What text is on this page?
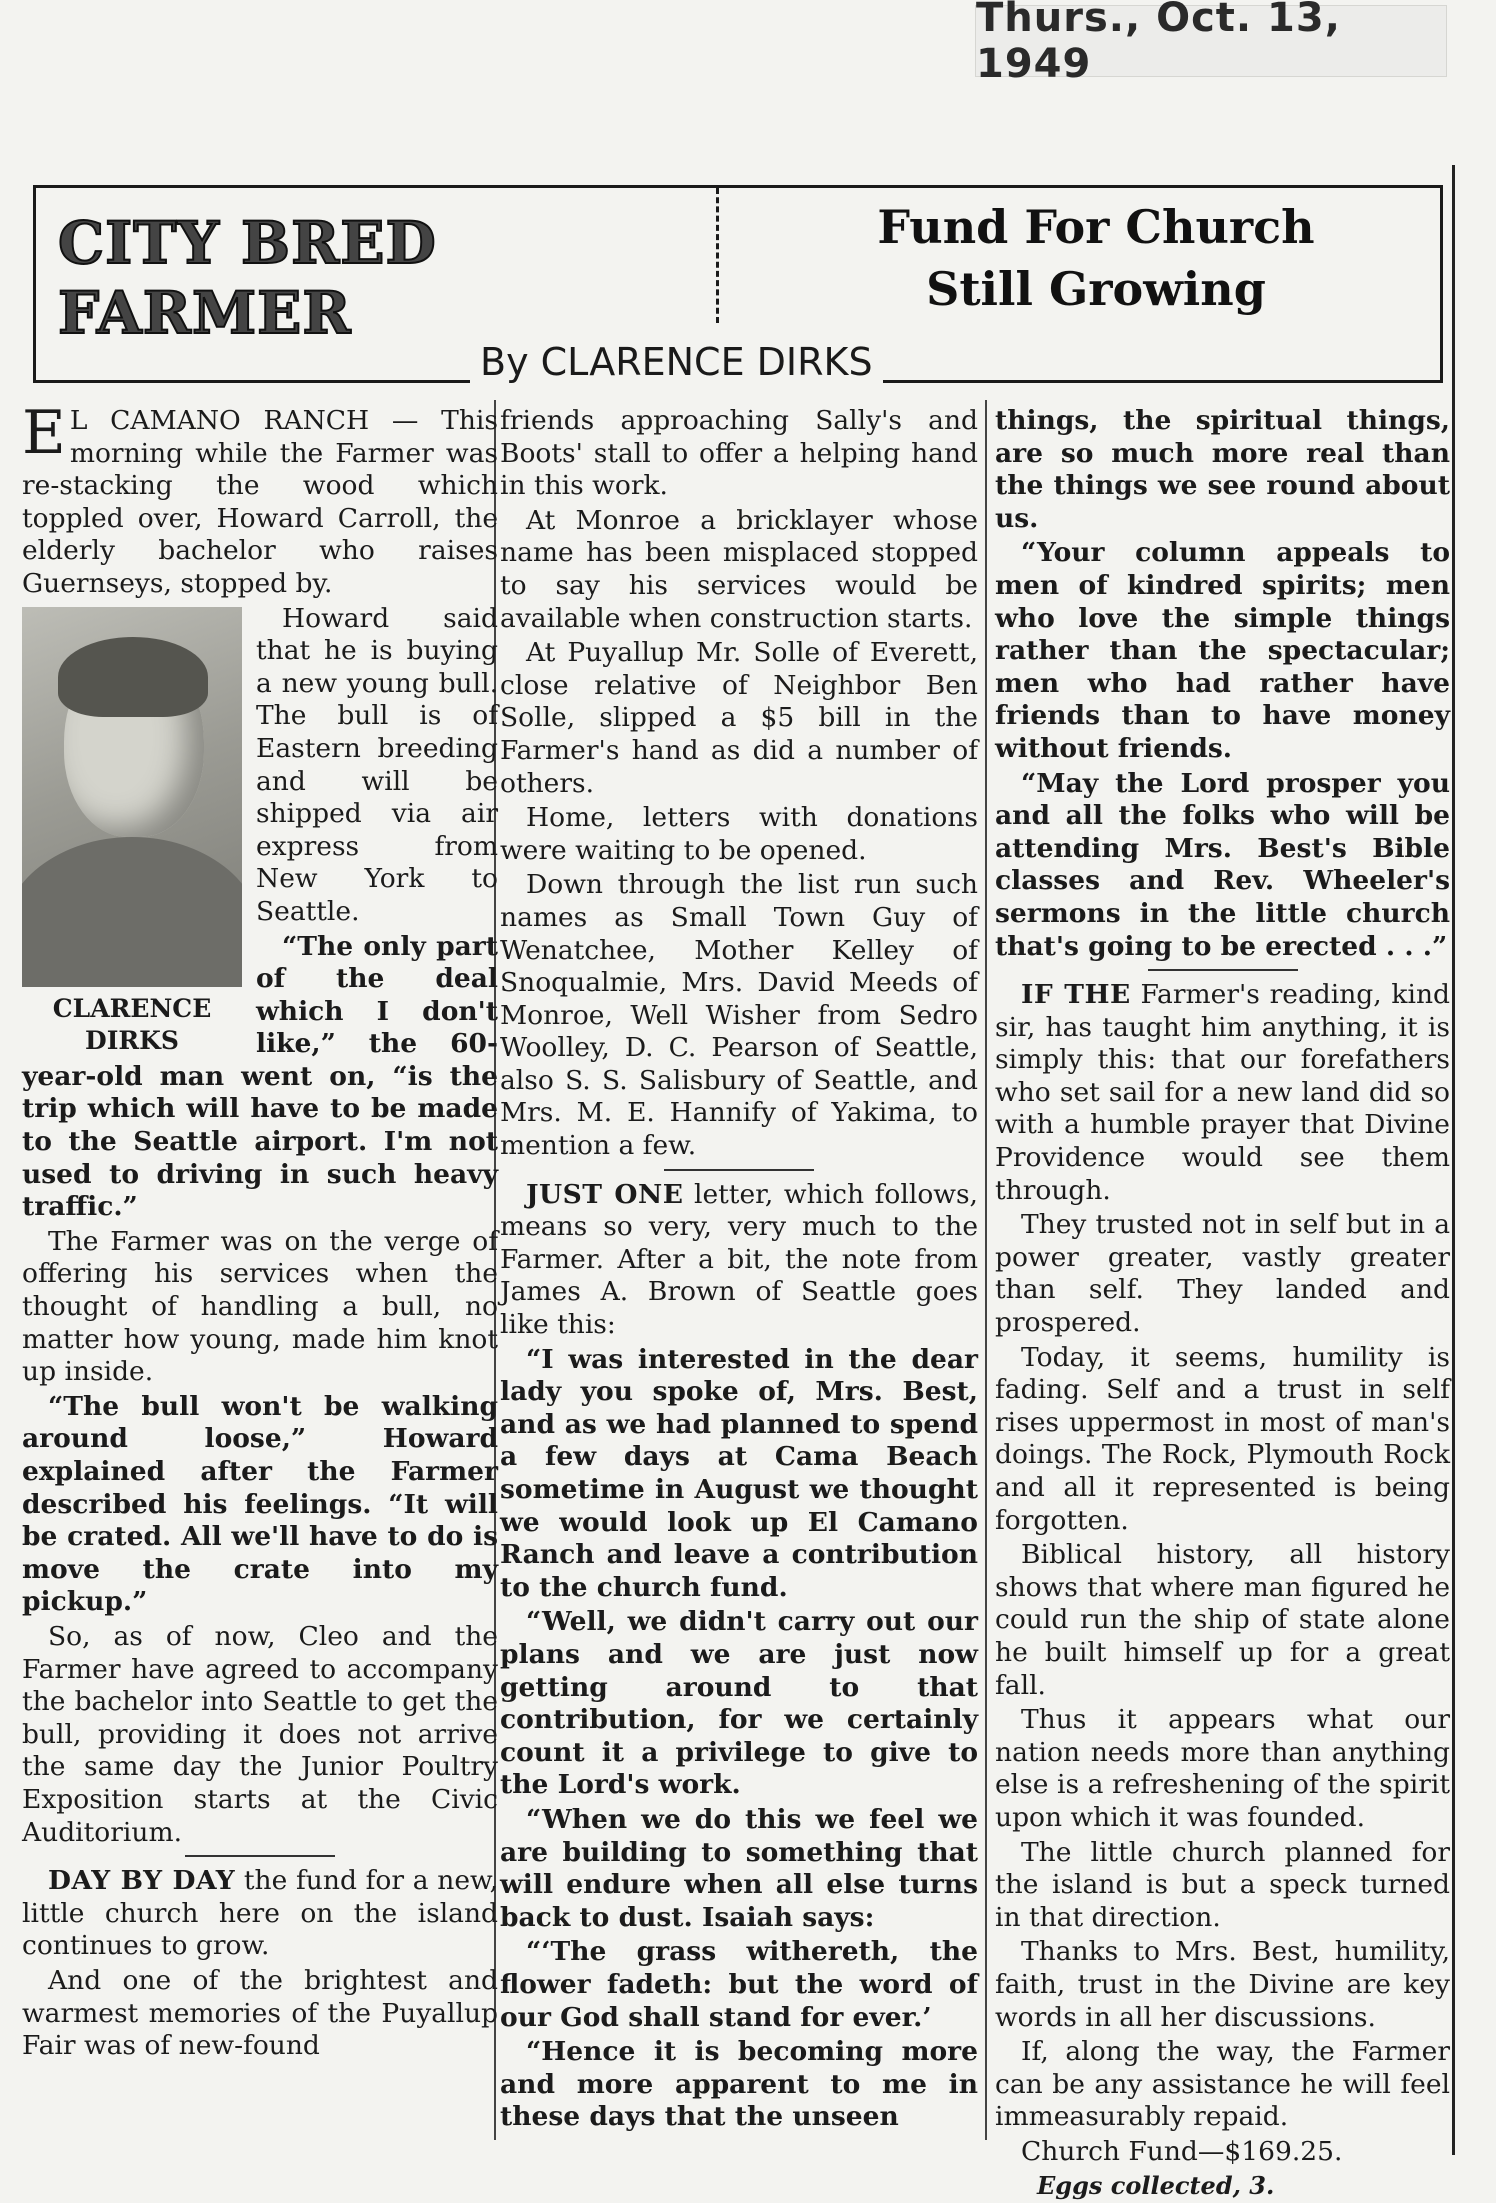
Thurs., Oct. 13, 1949
CITY BRED
FARMER
Fund For Church
Still Growing
By CLARENCE DIRKS

E L CAMANO RANCH — This morning while the Farmer was re-stacking the wood which toppled over, Howard Carroll, the elderly bachelor who raises Guernseys, stopped by.

Howard said that he is buying a new young bull. The bull is of Eastern breeding and will be shipped via air express from New York to Seattle.

CLARENCE
DIRKS

“The only part of the deal which I don't like,” the 60-year-old man went on, “is the trip which will have to be made to the Seattle airport. I'm not used to driving in such heavy traffic.”

The Farmer was on the verge of offering his services when the thought of handling a bull, no matter how young, made him knot up inside.

“The bull won't be walking around loose,” Howard explained after the Farmer described his feelings. “It will be crated. All we'll have to do is move the crate into my pickup.”

So, as of now, Cleo and the Farmer have agreed to accompany the bachelor into Seattle to get the bull, providing it does not arrive the same day the Junior Poultry Exposition starts at the Civic Auditorium.

DAY BY DAY the fund for a new, little church here on the island continues to grow.

And one of the brightest and warmest memories of the Puyallup Fair was of new-found

friends approaching Sally's and Boots' stall to offer a helping hand in this work.

At Monroe a bricklayer whose name has been misplaced stopped to say his services would be available when construction starts.

At Puyallup Mr. Solle of Everett, close relative of Neighbor Ben Solle, slipped a $5 bill in the Farmer's hand as did a number of others.

Home, letters with donations were waiting to be opened.

Down through the list run such names as Small Town Guy of Wenatchee, Mother Kelley of Snoqualmie, Mrs. David Meeds of Monroe, Well Wisher from Sedro Woolley, D. C. Pearson of Seattle, also S. S. Salisbury of Seattle, and Mrs. M. E. Hannify of Yakima, to mention a few.

JUST ONE letter, which follows, means so very, very much to the Farmer. After a bit, the note from James A. Brown of Seattle goes like this:

“I was interested in the dear lady you spoke of, Mrs. Best, and as we had planned to spend a few days at Cama Beach sometime in August we thought we would look up El Camano Ranch and leave a contribution to the church fund.

“Well, we didn't carry out our plans and we are just now getting around to that contribution, for we certainly count it a privilege to give to the Lord's work.

“When we do this we feel we are building to something that will endure when all else turns back to dust. Isaiah says:

“‘The grass withereth, the flower fadeth: but the word of our God shall stand for ever.’

“Hence it is becoming more and more apparent to me in these days that the unseen

things, the spiritual things, are so much more real than the things we see round about us.

“Your column appeals to men of kindred spirits; men who love the simple things rather than the spectacular; men who had rather have friends than to have money without friends.

“May the Lord prosper you and all the folks who will be attending Mrs. Best's Bible classes and Rev. Wheeler's sermons in the little church that's going to be erected . . .”

IF THE Farmer's reading, kind sir, has taught him anything, it is simply this: that our forefathers who set sail for a new land did so with a humble prayer that Divine Providence would see them through.

They trusted not in self but in a power greater, vastly greater than self. They landed and prospered.

Today, it seems, humility is fading. Self and a trust in self rises uppermost in most of man's doings. The Rock, Plymouth Rock and all it represented is being forgotten.

Biblical history, all history shows that where man figured he could run the ship of state alone he built himself up for a great fall.

Thus it appears what our nation needs more than anything else is a refreshening of the spirit upon which it was founded.

The little church planned for the island is but a speck turned in that direction.

Thanks to Mrs. Best, humility, faith, trust in the Divine are key words in all her discussions.

If, along the way, the Farmer can be any assistance he will feel immeasurably repaid.

Church Fund—$169.25.

Eggs collected, 3.
